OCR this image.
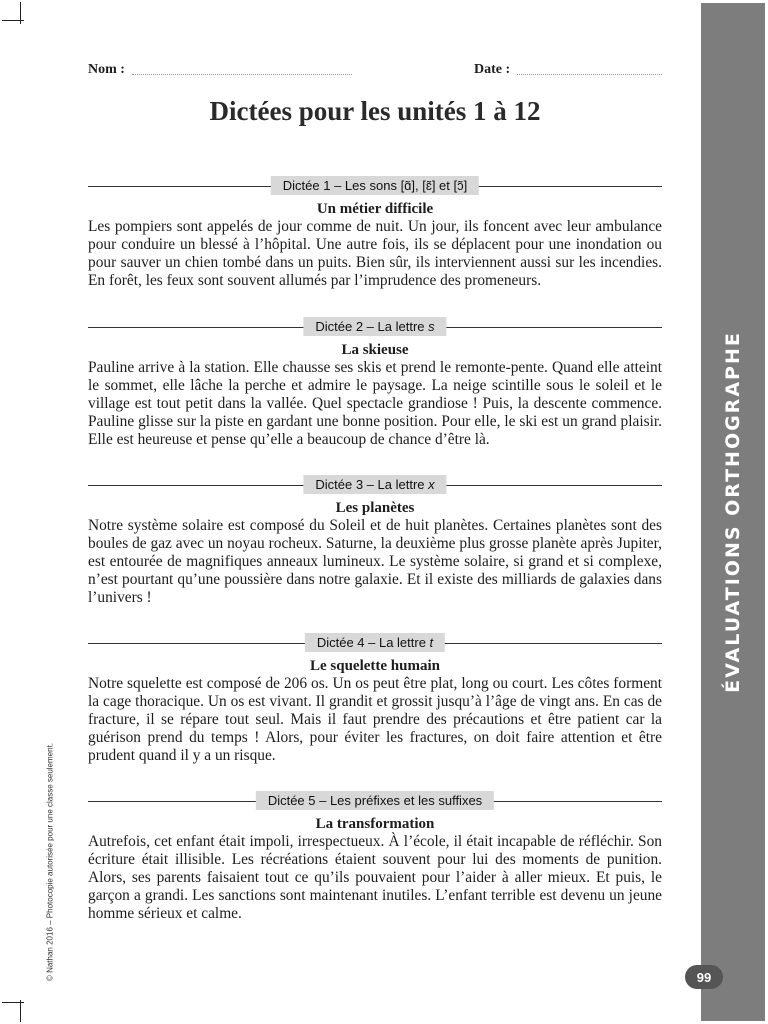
ÉVALUATIONS ORTHOGRAPHE
99
© Nathan 2016 – Photocopie autorisée pour une classe seulement.
Nom :	Date :
Dictées pour les unités 1 à 12
Dictée 1 – Les sons [ɑ̃], [ɛ̃] et [ɔ̃]
Un métier difficile

Les pompiers sont appelés de jour comme de nuit. Un jour, ils foncent avec leur ambulance pour conduire un blessé à l’hôpital. Une autre fois, ils se déplacent pour une inondation ou pour sauver un chien tombé dans un puits. Bien sûr, ils interviennent aussi sur les incendies. En forêt, les feux sont souvent allumés par l’imprudence des promeneurs.

Dictée 2 – La lettre s
La skieuse

Pauline arrive à la station. Elle chausse ses skis et prend le remonte-pente. Quand elle atteint le sommet, elle lâche la perche et admire le paysage. La neige scintille sous le soleil et le village est tout petit dans la vallée. Quel spectacle grandiose ! Puis, la descente commence. Pauline glisse sur la piste en gardant une bonne position. Pour elle, le ski est un grand plaisir. Elle est heureuse et pense qu’elle a beaucoup de chance d’être là.

Dictée 3 – La lettre x
Les planètes

Notre système solaire est composé du Soleil et de huit planètes. Certaines planètes sont des boules de gaz avec un noyau rocheux. Saturne, la deuxième plus grosse planète après Jupiter, est entourée de magnifiques anneaux lumineux. Le système solaire, si grand et si complexe, n’est pourtant qu’une poussière dans notre galaxie. Et il existe des milliards de galaxies dans l’univers !

Dictée 4 – La lettre t
Le squelette humain

Notre squelette est composé de 206 os. Un os peut être plat, long ou court. Les côtes forment la cage thoracique. Un os est vivant. Il grandit et grossit jusqu’à l’âge de vingt ans. En cas de fracture, il se répare tout seul. Mais il faut prendre des précautions et être patient car la guérison prend du temps ! Alors, pour éviter les fractures, on doit faire attention et être prudent quand il y a un risque.

Dictée 5 – Les préfixes et les suffixes
La transformation

Autrefois, cet enfant était impoli, irrespectueux. À l’école, il était incapable de réfléchir. Son écriture était illisible. Les récréations étaient souvent pour lui des moments de punition. Alors, ses parents faisaient tout ce qu’ils pouvaient pour l’aider à aller mieux. Et puis, le garçon a grandi. Les sanctions sont maintenant inutiles. L’enfant terrible est devenu un jeune homme sérieux et calme.
